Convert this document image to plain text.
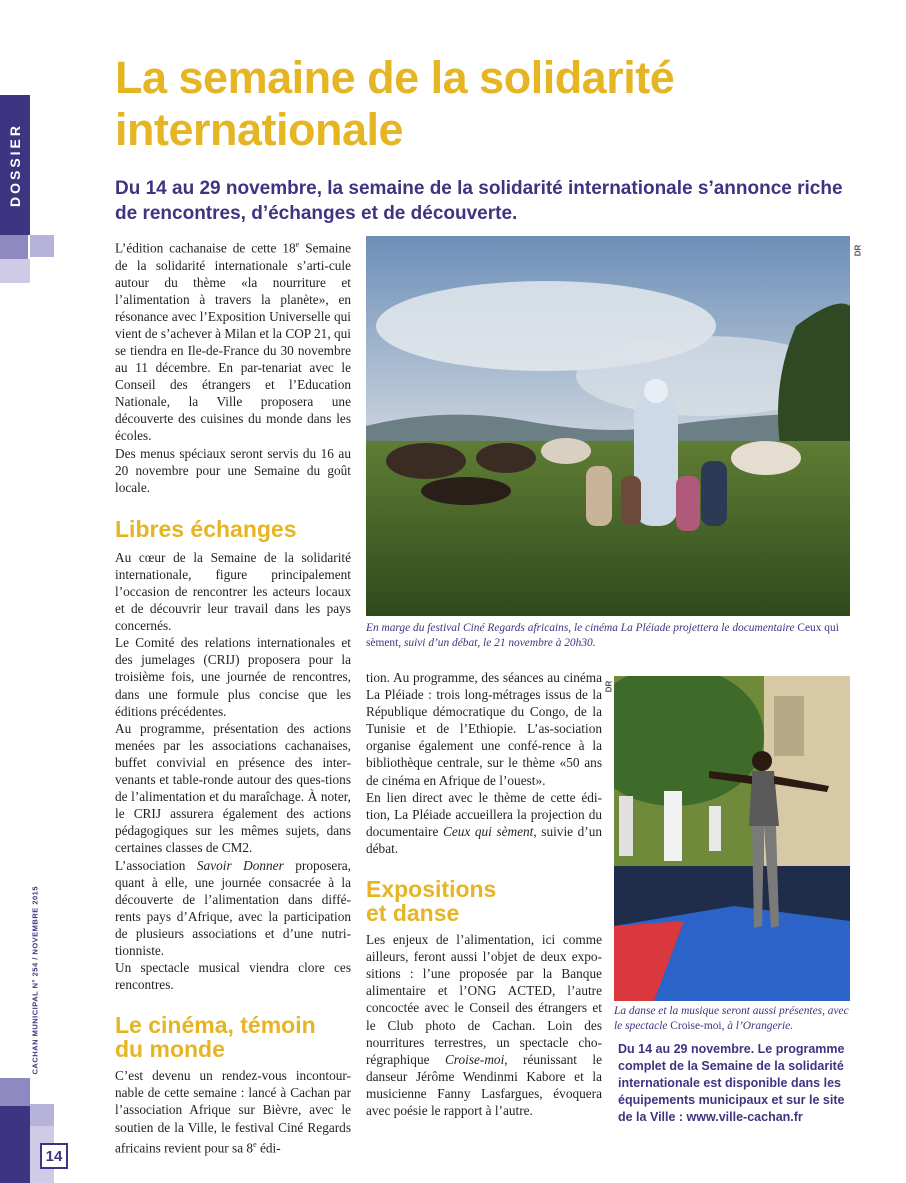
DOSSIER
14
CACHAN MUNICIPAL N° 254 / NOVEMBRE 2015
La semaine de la solidarité internationale
Du 14 au 29 novembre, la semaine de la solidarité internationale s’annonce riche de rencontres, d’échanges et de découverte.

L’édition cachanaise de cette 18e Semaine de la solidarité internationale s’arti-cule autour du thème «la nourriture et l’alimentation à travers la planète», en résonance avec l’Exposition Universelle qui vient de s’achever à Milan et la COP 21, qui se tiendra en Ile-de-France du 30 novembre au 11 décembre. En par-tenariat avec le Conseil des étrangers et l’Education Nationale, la Ville proposera une découverte des cuisines du monde dans les écoles.

Des menus spéciaux seront servis du 16 au 20 novembre pour une Semaine du goût locale.

Libres échanges

Au cœur de la Semaine de la solidarité internationale, figure principalement l’occasion de rencontrer les acteurs locaux et de découvrir leur travail dans les pays concernés.

Le Comité des relations internationales et des jumelages (CRIJ) proposera pour la troisième fois, une journée de rencontres, dans une formule plus concise que les éditions précédentes.

Au programme, présentation des actions menées par les associations cachanaises, buffet convivial en présence des inter-venants et table-ronde autour des ques-tions de l’alimentation et du maraîchage. À noter, le CRIJ assurera également des actions pédagogiques sur les mêmes sujets, dans certaines classes de CM2.

L’association Savoir Donner proposera, quant à elle, une journée consacrée à la découverte de l’alimentation dans diffé-rents pays d’Afrique, avec la participation de plusieurs associations et d’une nutri-tionniste.

Un spectacle musical viendra clore ces rencontres.

Le cinéma, témoin
du monde

C’est devenu un rendez-vous incontour-nable de cette semaine : lancé à Cachan par l’association Afrique sur Bièvre, avec le soutien de la Ville, le festival Ciné Regards africains revient pour sa 8e édi-

DR
En marge du festival Ciné Regards africains, le cinéma La Pléiade projettera le documentaire Ceux qui sèment, suivi d’un débat, le 21 novembre à 20h30.

tion. Au programme, des séances au cinéma La Pléiade : trois long-métrages issus de la République démocratique du Congo, de la Tunisie et de l’Ethiopie. L’as-sociation organise également une confé-rence à la bibliothèque centrale, sur le thème «50 ans de cinéma en Afrique de l’ouest».

En lien direct avec le thème de cette édi-tion, La Pléiade accueillera la projection du documentaire Ceux qui sèment, suivie d’un débat.

Expositions
et danse

Les enjeux de l’alimentation, ici comme ailleurs, feront aussi l’objet de deux expo-sitions : l’une proposée par la Banque alimentaire et l’ONG ACTED, l’autre concoctée avec le Conseil des étrangers et le Club photo de Cachan. Loin des nourritures terrestres, un spectacle cho-régraphique Croise-moi, réunissant le danseur Jérôme Wendinmi Kabore et la musicienne Fanny Lasfargues, évoquera avec poésie le rapport à l’autre.

DR
La danse et la musique seront aussi présentes, avec le spectacle Croise-moi, à l’Orangerie.
Du 14 au 29 novembre. Le programme complet de la Semaine de la solidarité internationale est disponible dans les équipements municipaux et sur le site de la Ville : www.ville-cachan.fr
